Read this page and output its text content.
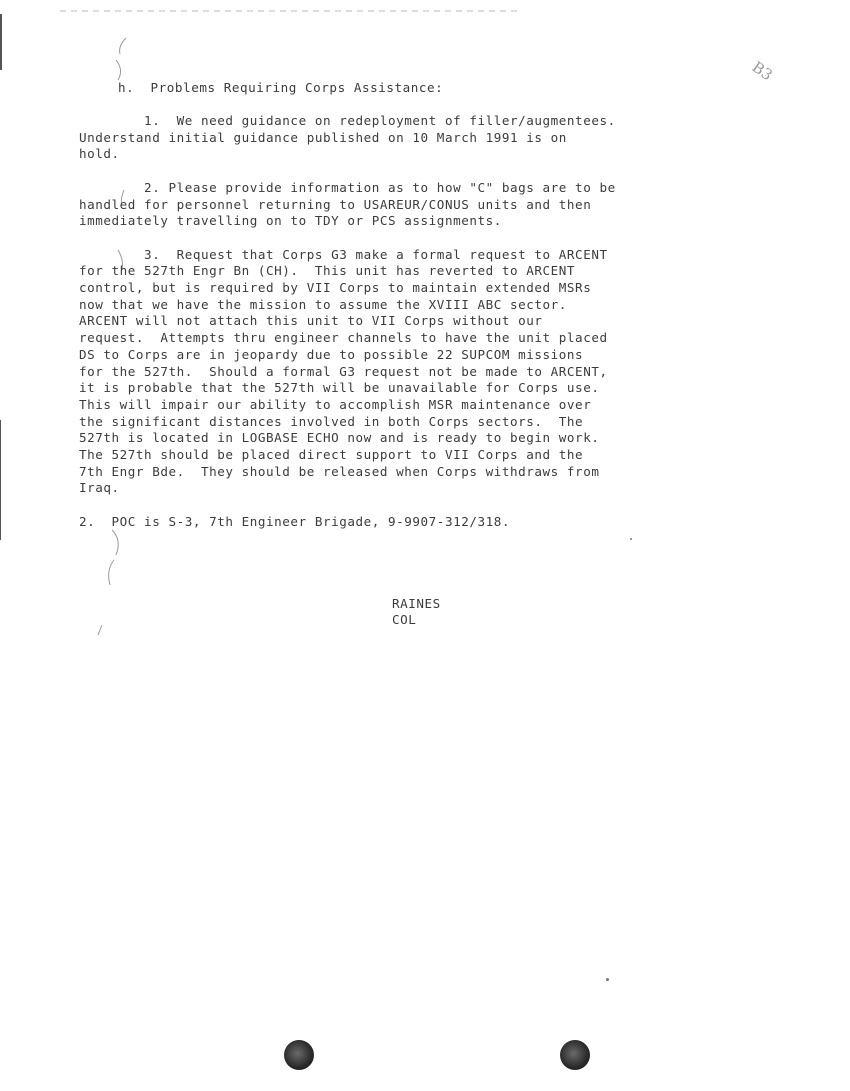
B3
h.  Problems Requiring Corps Assistance:
1.  We need guidance on redeployment of filler/augmentees.
Understand initial guidance published on 10 March 1991 is on
hold.
2. Please provide information as to how "C" bags are to be
handled for personnel returning to USAREUR/CONUS units and then
immediately travelling on to TDY or PCS assignments.
3.  Request that Corps G3 make a formal request to ARCENT
for the 527th Engr Bn (CH).  This unit has reverted to ARCENT
control, but is required by VII Corps to maintain extended MSRs
now that we have the mission to assume the XVIII ABC sector.
ARCENT will not attach this unit to VII Corps without our
request.  Attempts thru engineer channels to have the unit placed
DS to Corps are in jeopardy due to possible 22 SUPCOM missions
for the 527th.  Should a formal G3 request not be made to ARCENT,
it is probable that the 527th will be unavailable for Corps use.
This will impair our ability to accomplish MSR maintenance over
the significant distances involved in both Corps sectors.  The
527th is located in LOGBASE ECHO now and is ready to begin work.
The 527th should be placed direct support to VII Corps and the
7th Engr Bde.  They should be released when Corps withdraws from
Iraq.
2.  POC is S-3, 7th Engineer Brigade, 9-9907-312/318.
RAINES
COL
